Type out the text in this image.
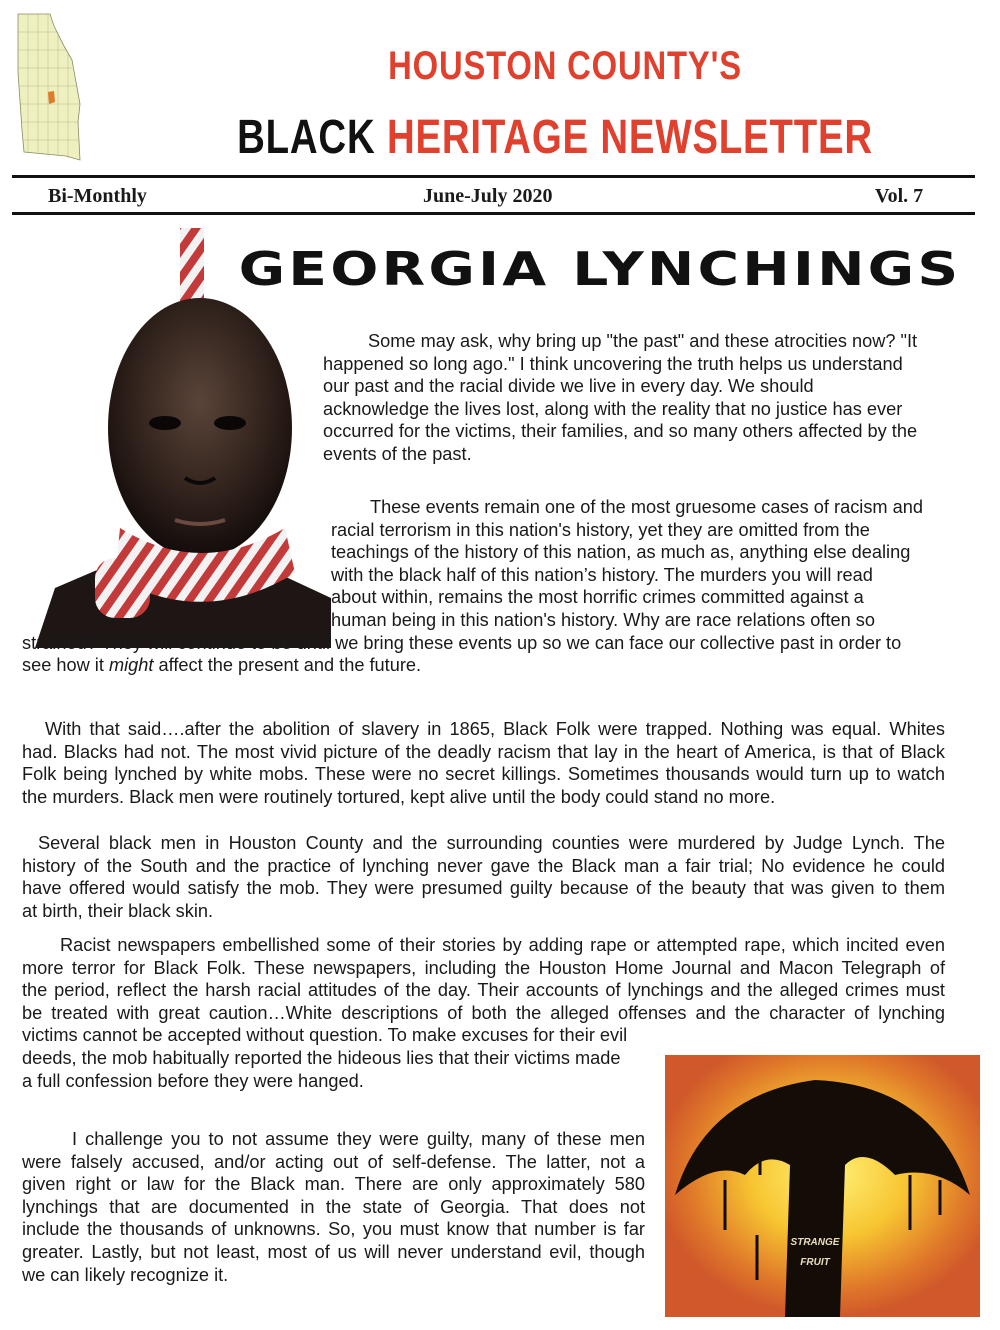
HOUSTON COUNTY'S
BLACK HERITAGE NEWSLETTER
Bi-Monthly	June-July 2020	Vol. 7
GEORGIA LYNCHINGS
Some may ask, why bring up "the past" and these atrocities now? "It
happened so long ago." I think uncovering the truth helps us understand
our past and the racial divide we live in every day. We should
acknowledge the lives lost, along with the reality that no justice has ever
occurred for the victims, their families, and so many others affected by the
events of the past.
These events remain one of the most gruesome cases of racism and
racial terrorism in this nation's history, yet they are omitted from the
teachings of the history of this nation, as much as, anything else dealing
with the black half of this nation’s history. The murders you will read
about within, remains the most horrific crimes committed against a
human being in this nation's history. Why are race relations often so
strained? They will continue to be until we bring these events up so we can face our collective past in order to
see how it might affect the present and the future.
With that said….after the abolition of slavery in 1865, Black Folk were trapped. Nothing was equal. Whites
had. Blacks had not. The most vivid picture of the deadly racism that lay in the heart of America, is that of Black
Folk being lynched by white mobs. These were no secret killings. Sometimes thousands would turn up to watch
the murders. Black men were routinely tortured, kept alive until the body could stand no more.
Several black men in Houston County and the surrounding counties were murdered by Judge Lynch. The
history of the South and the practice of lynching never gave the Black man a fair trial; No evidence he could
have offered would satisfy the mob. They were presumed guilty because of the beauty that was given to them
at birth, their black skin.
Racist newspapers embellished some of their stories by adding rape or attempted rape, which incited even
more terror for Black Folk. These newspapers, including the Houston Home Journal and Macon Telegraph of
the period, reflect the harsh racial attitudes of the day. Their accounts of lynchings and the alleged crimes must
be treated with great caution…White descriptions of both the alleged offenses and the character of lynching
victims cannot be accepted without question. To make excuses for their evil
deeds, the mob habitually reported the hideous lies that their victims made
a full confession before they were hanged.
I challenge you to not assume they were guilty, many of these men
were falsely accused, and/or acting out of self-defense. The latter, not a
given right or law for the Black man. There are only approximately 580
lynchings that are documented in the state of Georgia. That does not
include the thousands of unknowns. So, you must know that number is far
greater. Lastly, but not least, most of us will never understand evil, though
we can likely recognize it.
STRANGE
FRUIT
